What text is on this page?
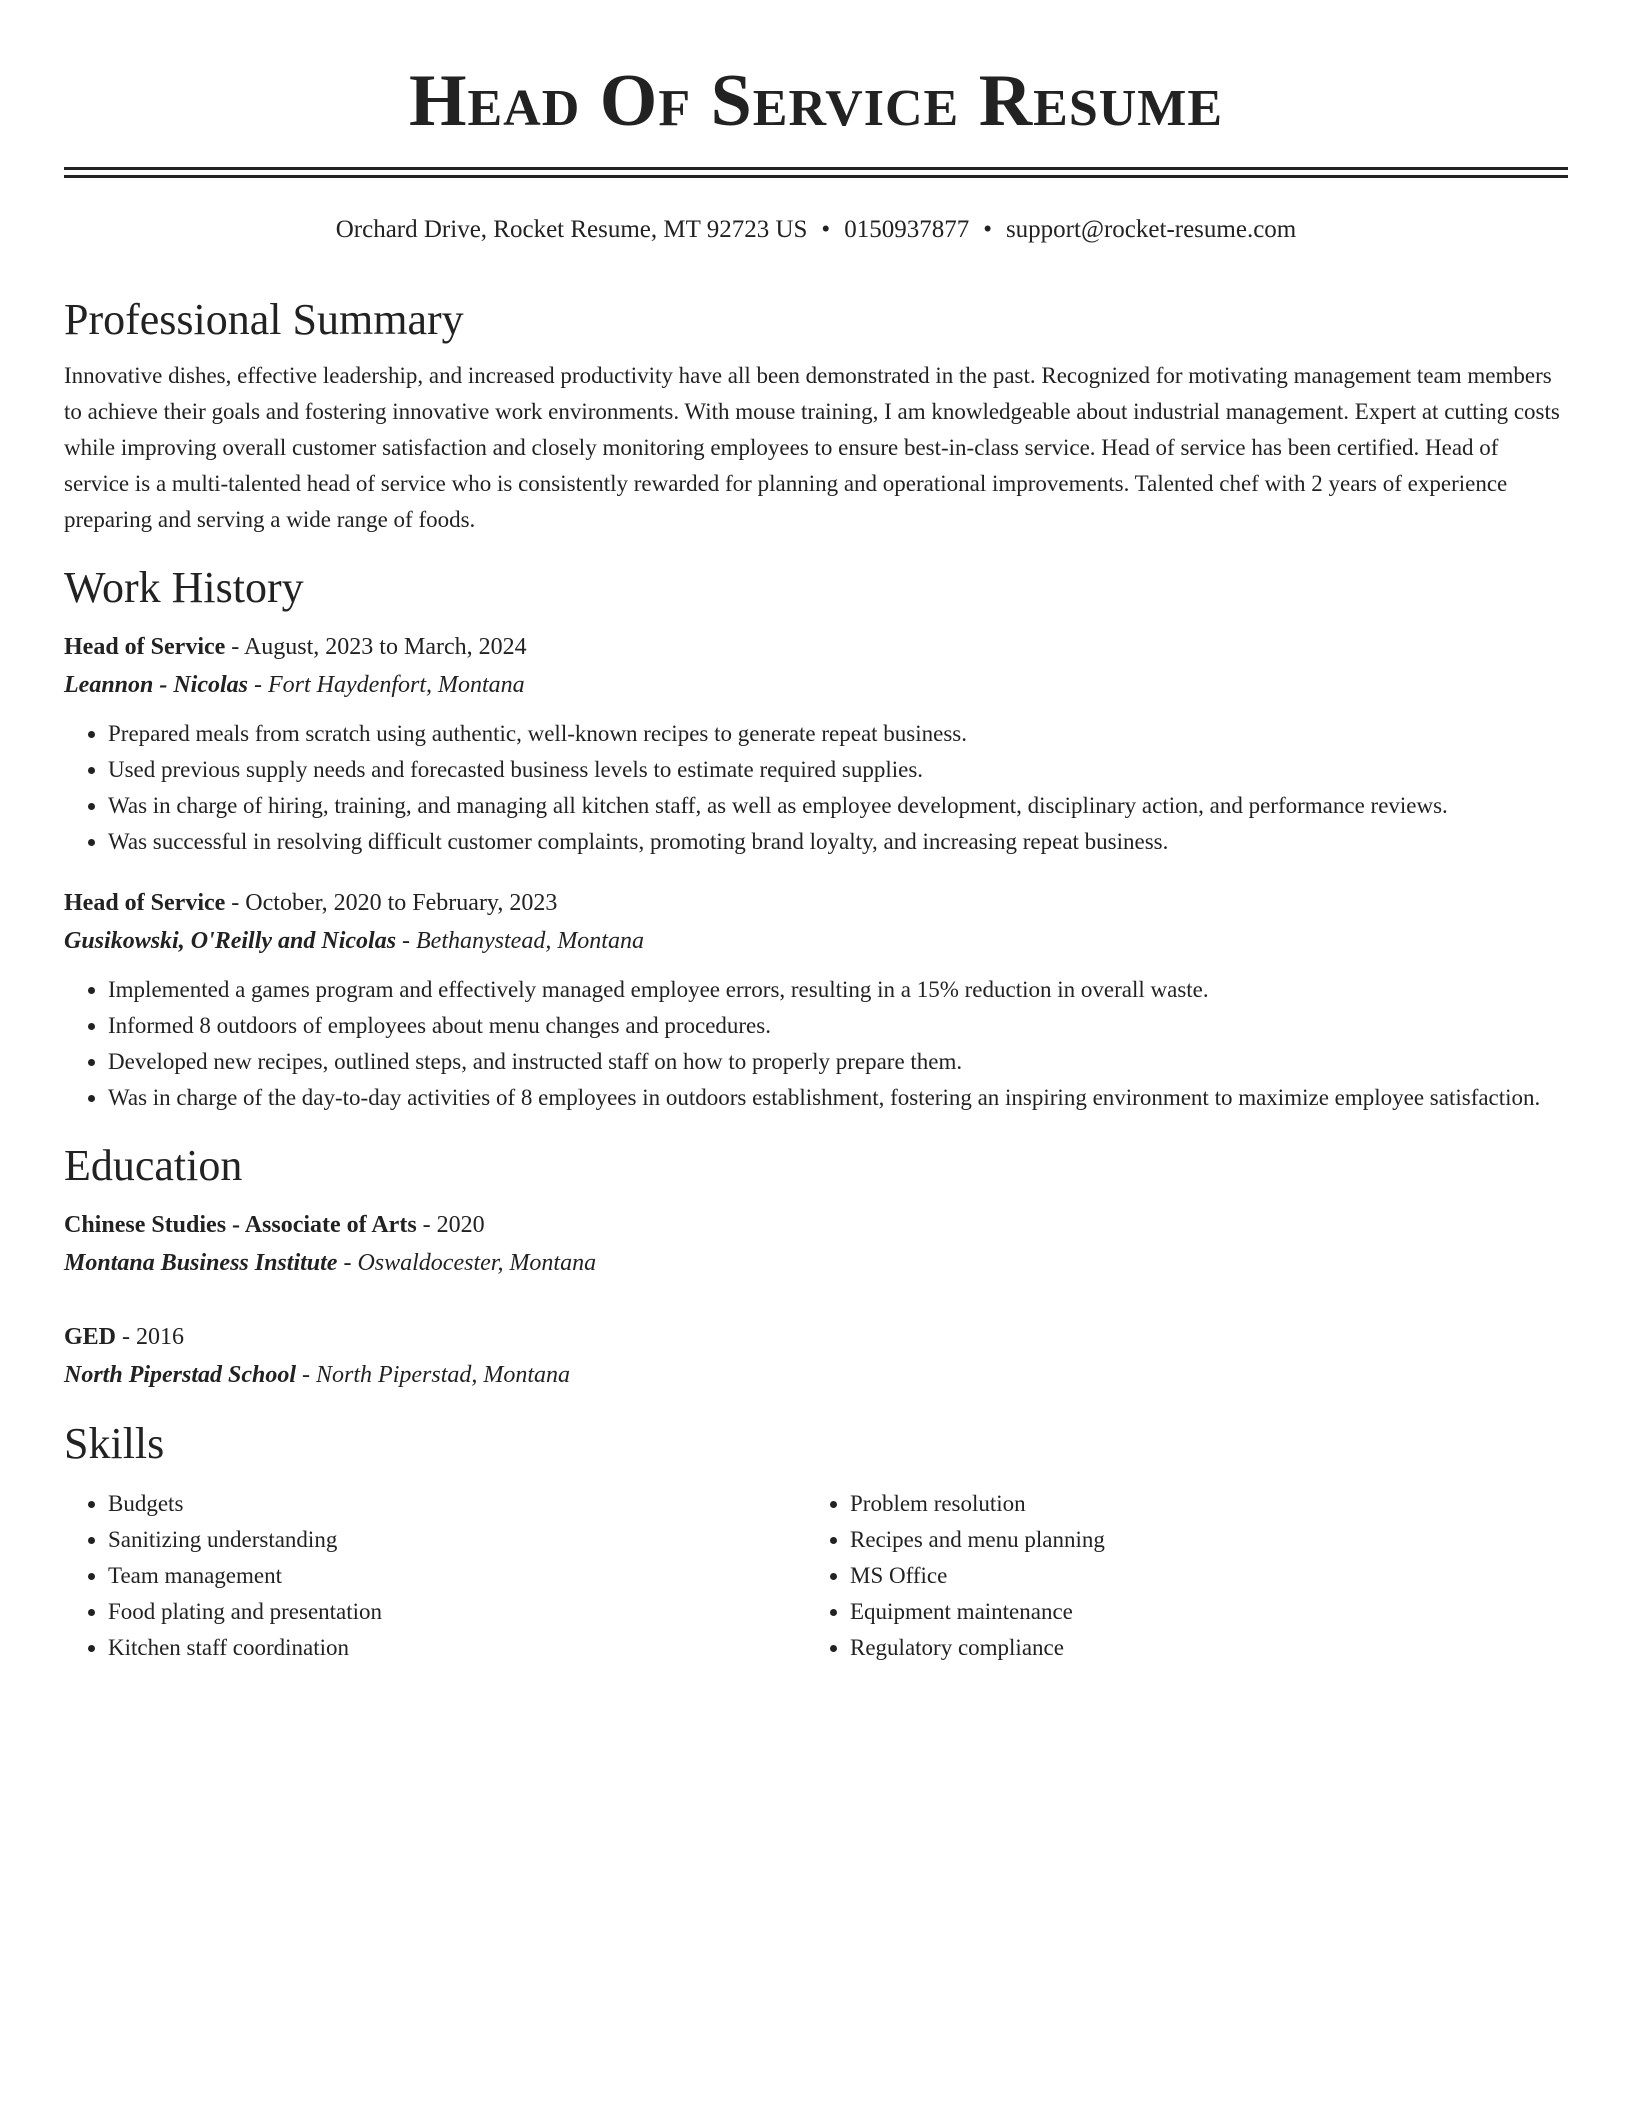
Head Of Service Resume
Orchard Drive, Rocket Resume, MT 92723 US • 0150937877 • support@rocket-resume.com
Professional Summary

Innovative dishes, effective leadership, and increased productivity have all been demonstrated in the past. Recognized for motivating management team members to achieve their goals and fostering innovative work environments. With mouse training, I am knowledgeable about industrial management. Expert at cutting costs while improving overall customer satisfaction and closely monitoring employees to ensure best-in-class service. Head of service has been certified. Head of service is a multi-talented head of service who is consistently rewarded for planning and operational improvements. Talented chef with 2 years of experience preparing and serving a wide range of foods.

Work History
Head of Service - August, 2023 to March, 2024
Leannon - Nicolas - Fort Haydenfort, Montana
• Prepared meals from scratch using authentic, well-known recipes to generate repeat business.
• Used previous supply needs and forecasted business levels to estimate required supplies.
• Was in charge of hiring, training, and managing all kitchen staff, as well as employee development, disciplinary action, and performance reviews.
• Was successful in resolving difficult customer complaints, promoting brand loyalty, and increasing repeat business.
Head of Service - October, 2020 to February, 2023
Gusikowski, O'Reilly and Nicolas - Bethanystead, Montana
• Implemented a games program and effectively managed employee errors, resulting in a 15% reduction in overall waste.
• Informed 8 outdoors of employees about menu changes and procedures.
• Developed new recipes, outlined steps, and instructed staff on how to properly prepare them.
• Was in charge of the day-to-day activities of 8 employees in outdoors establishment, fostering an inspiring environment to maximize employee satisfaction.
Education
Chinese Studies - Associate of Arts - 2020
Montana Business Institute - Oswaldocester, Montana
GED - 2016
North Piperstad School - North Piperstad, Montana
Skills
• Budgets
• Sanitizing understanding
• Team management
• Food plating and presentation
• Kitchen staff coordination
• Problem resolution
• Recipes and menu planning
• MS Office
• Equipment maintenance
• Regulatory compliance
